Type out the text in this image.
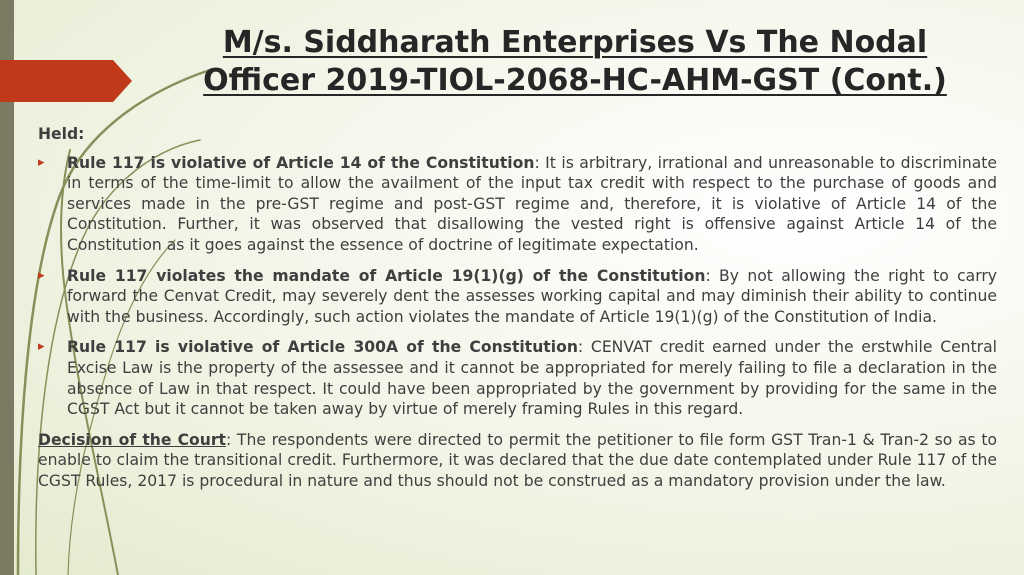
M/s. Siddharath Enterprises Vs The Nodal
Officer 2019-TIOL-2068-HC-AHM-GST (Cont.)

Held:

▸ Rule 117 is violative of Article 14 of the Constitution: It is arbitrary, irrational and unreasonable to discriminate in terms of the time-limit to allow the availment of the input tax credit with respect to the purchase of goods and services made in the pre-GST regime and post-GST regime and, therefore, it is violative of Article 14 of the Constitution. Further, it was observed that disallowing the vested right is offensive against Article 14 of the Constitution as it goes against the essence of doctrine of legitimate expectation.
▸ Rule 117 violates the mandate of Article 19(1)(g) of the Constitution: By not allowing the right to carry forward the Cenvat Credit, may severely dent the assesses working capital and may diminish their ability to continue with the business. Accordingly, such action violates the mandate of Article 19(1)(g) of the Constitution of India.
▸ Rule 117 is violative of Article 300A of the Constitution: CENVAT credit earned under the erstwhile Central Excise Law is the property of the assessee and it cannot be appropriated for merely failing to file a declaration in the absence of Law in that respect. It could have been appropriated by the government by providing for the same in the CGST Act but it cannot be taken away by virtue of merely framing Rules in this regard.

Decision of the Court: The respondents were directed to permit the petitioner to file form GST Tran-1 & Tran-2 so as to enable to claim the transitional credit. Furthermore, it was declared that the due date contemplated under Rule 117 of the CGST Rules, 2017 is procedural in nature and thus should not be construed as a mandatory provision under the law.
